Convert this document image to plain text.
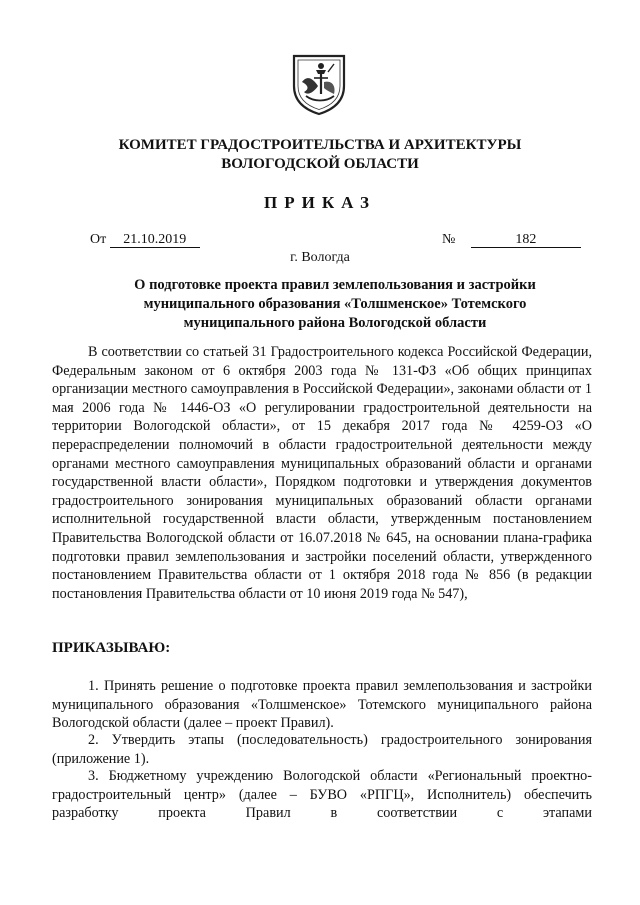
КОМИТЕТ ГРАДОСТРОИТЕЛЬСТВА И АРХИТЕКТУРЫ
ВОЛОГОДСКОЙ ОБЛАСТИ
ПРИКАЗ
От 21.10.2019	№	182
г. Вологда
О подготовке проекта правил землепользования и застройки
муниципального образования «Толшменское» Тотемского
муниципального района Вологодской области

В соответствии со статьей 31 Градостроительного кодекса Российской Федерации, Федеральным законом от 6 октября 2003 года № 131-ФЗ «Об общих принципах организации местного самоуправления в Российской Федерации», законами области от 1 мая 2006 года № 1446-ОЗ «О регулировании градостроительной деятельности на территории Вологодской области», от 15 декабря 2017 года № 4259-ОЗ «О перераспределении полномочий в области градостроительной деятельности между органами местного самоуправления муниципальных образований области и органами государственной власти области», Порядком подготовки и утверждения документов градостроительного зонирования муниципальных образований области органами исполнительной государственной власти области, утвержденным постановлением Правительства Вологодской области от 16.07.2018 № 645, на основании плана-графика подготовки правил землепользования и застройки поселений области, утвержденного постановлением Правительства области от 1 октября 2018 года № 856 (в редакции постановления Правительства области от 10 июня 2019 года № 547),

ПРИКАЗЫВАЮ:

1. Принять решение о подготовке проекта правил землепользования и застройки муниципального образования «Толшменское» Тотемского муниципального района Вологодской области (далее – проект Правил).

2. Утвердить этапы (последовательность) градостроительного зонирования (приложение 1).

3. Бюджетному учреждению Вологодской области «Региональный проектно-градостроительный центр» (далее – БУВО «РПГЦ», Исполнитель) обеспечить разработку проекта Правил в соответствии с этапами
